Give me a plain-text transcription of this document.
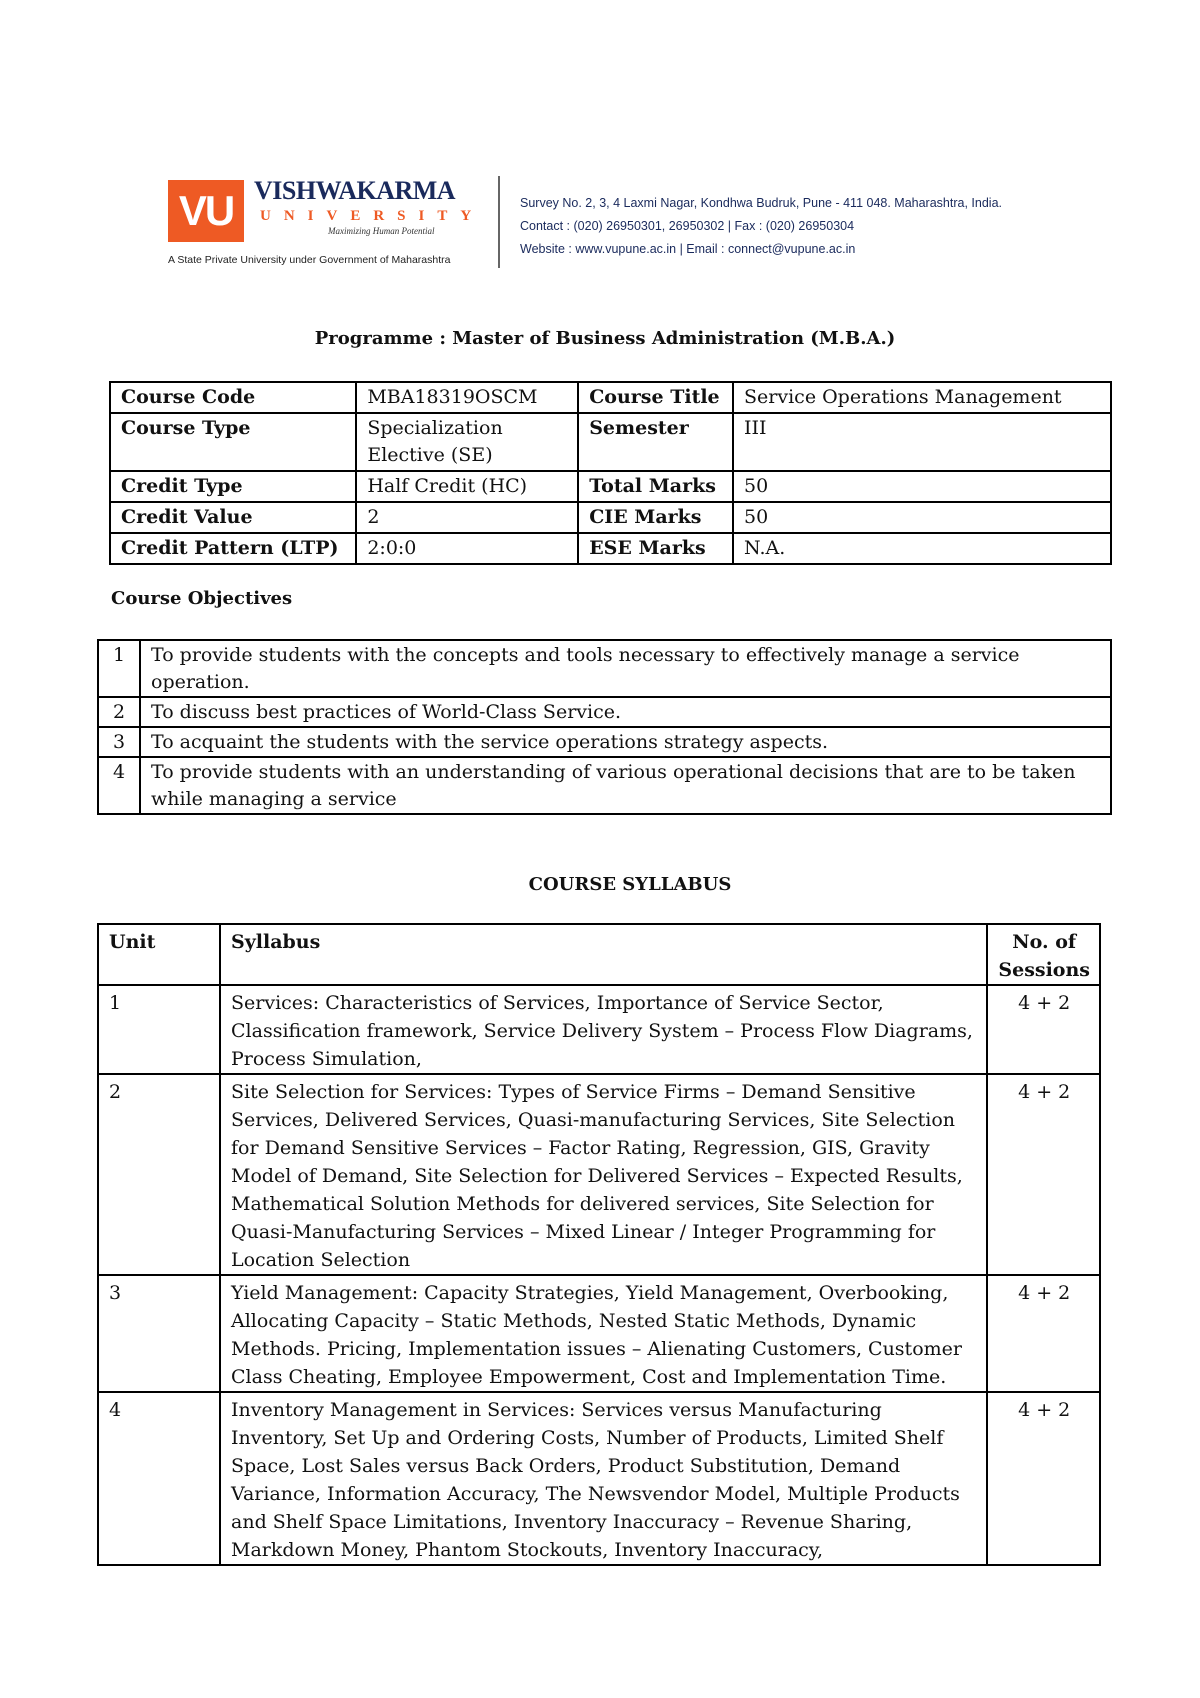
VU VISHWAKARMA
UNIVERSITY
Maximizing Human Potential
A State Private University under Government of Maharashtra
Survey No. 2, 3, 4 Laxmi Nagar, Kondhwa Budruk, Pune - 411 048. Maharashtra, India.
Contact : (020) 26950301, 26950302 | Fax : (020) 26950304
Website : www.vupune.ac.in | Email : connect@vupune.ac.in
Programme : Master of Business Administration (M.B.A.)
Course Code	MBA18319OSCM	Course Title	Service Operations Management
Course Type	Specialization Elective (SE)	Semester	III
Credit Type	Half Credit (HC)	Total Marks	50
Credit Value	2	CIE Marks	50
Credit Pattern (LTP)	2:0:0	ESE Marks	N.A.
Course Objectives
1	To provide students with the concepts and tools necessary to effectively manage a service operation.
2	To discuss best practices of World-Class Service.
3	To acquaint the students with the service operations strategy aspects.
4	To provide students with an understanding of various operational decisions that are to be taken while managing a service
COURSE SYLLABUS
Unit	Syllabus	No. of Sessions
1	Services: Characteristics of Services, Importance of Service Sector, Classification framework, Service Delivery System – Process Flow Diagrams, Process Simulation,	4 + 2
2	Site Selection for Services: Types of Service Firms – Demand Sensitive Services, Delivered Services, Quasi-manufacturing Services, Site Selection for Demand Sensitive Services – Factor Rating, Regression, GIS, Gravity Model of Demand, Site Selection for Delivered Services – Expected Results, Mathematical Solution Methods for delivered services, Site Selection for Quasi-Manufacturing Services – Mixed Linear / Integer Programming for Location Selection	4 + 2
3	Yield Management: Capacity Strategies, Yield Management, Overbooking, Allocating Capacity – Static Methods, Nested Static Methods, Dynamic Methods. Pricing, Implementation issues – Alienating Customers, Customer Class Cheating, Employee Empowerment, Cost and Implementation Time.	4 + 2
4	Inventory Management in Services: Services versus Manufacturing Inventory, Set Up and Ordering Costs, Number of Products, Limited Shelf Space, Lost Sales versus Back Orders, Product Substitution, Demand Variance, Information Accuracy, The Newsvendor Model, Multiple Products and Shelf Space Limitations, Inventory Inaccuracy – Revenue Sharing, Markdown Money, Phantom Stockouts, Inventory Inaccuracy,	4 + 2
